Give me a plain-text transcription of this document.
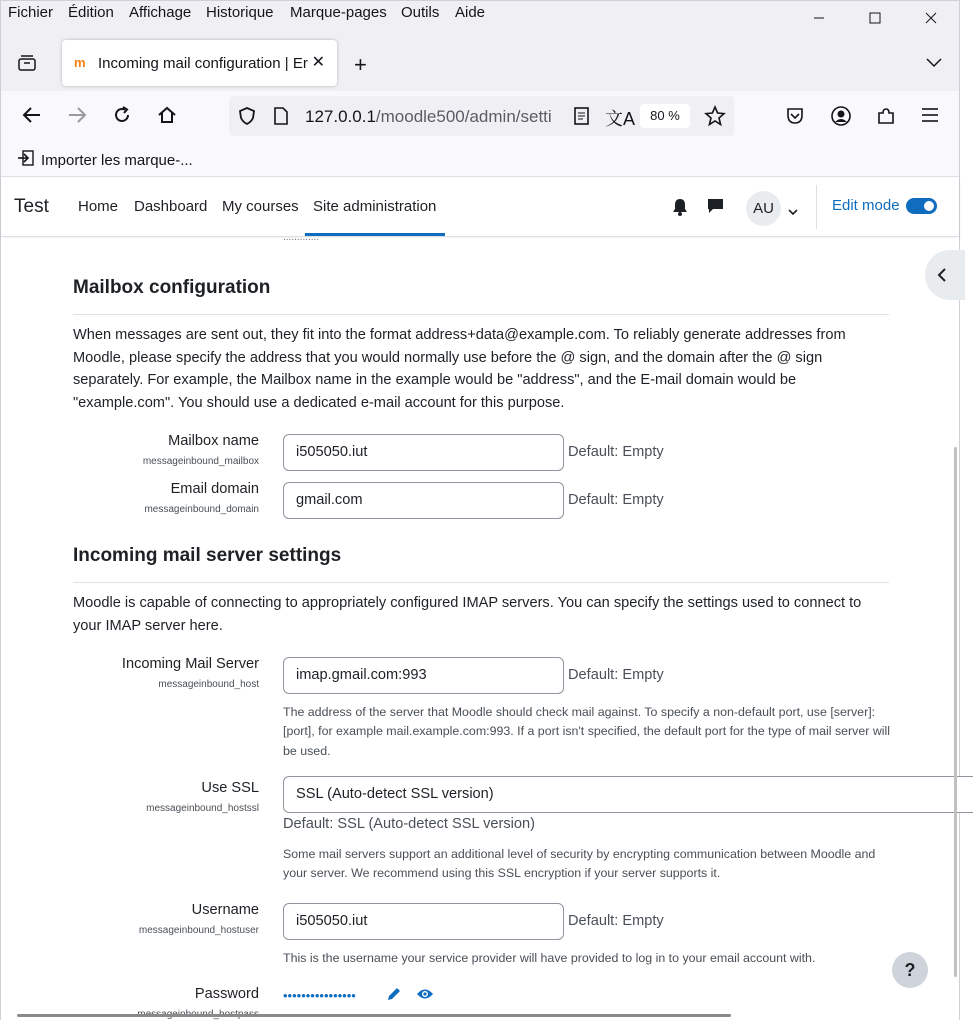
Fichier Édition Affichage Historique Marque-pages Outils Aide
m Incoming mail configuration | Er ✕ +
127.0.0.1/moodle500/admin/setti	文A	80 %
Importer les marque-...
Test Home Dashboard My courses Site administration	AU	Edit mode
.............
Mailbox configuration

When messages are sent out, they fit into the format address+data@example.com. To reliably generate addresses from Moodle, please specify the address that you would normally use before the @ sign, and the domain after the @ sign separately. For example, the Mailbox name in the example would be "address", and the E-mail domain would be "example.com". You should use a dedicated e-mail account for this purpose.

Mailbox name
messageinbound_mailbox
i505050.iut	Default: Empty
Email domain
messageinbound_domain
gmail.com	Default: Empty
Incoming mail server settings

Moodle is capable of connecting to appropriately configured IMAP servers. You can specify the settings used to connect to your IMAP server here.

Incoming Mail Server
messageinbound_host
imap.gmail.com:993	Default: Empty

The address of the server that Moodle should check mail against. To specify a non-default port, use [server]:[port], for example mail.example.com:993. If a port isn't specified, the default port for the type of mail server will be used.

Use SSL
messageinbound_hostssl
SSL (Auto-detect SSL version)
Default: SSL (Auto-detect SSL version)

Some mail servers support an additional level of security by encrypting communication between Moodle and your server. We recommend using this SSL encryption if your server supports it.

Username
messageinbound_hostuser
i505050.iut	Default: Empty

This is the username your service provider will have provided to log in to your email account with.

Password ••••••••••••••••
?
